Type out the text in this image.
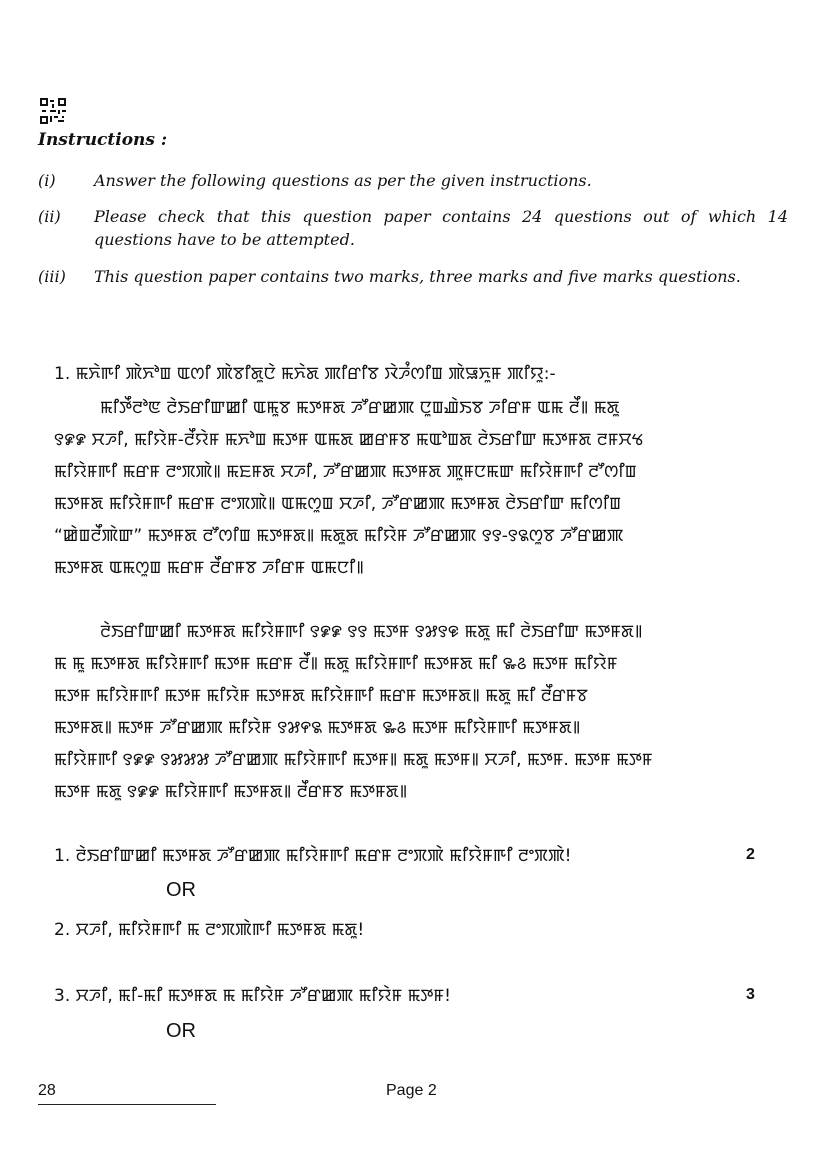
Instructions :
(i) Answer the following questions as per the given instructions.
(ii) Please check that this question paper contains 24 questions out of which 14 questions have to be attempted.
(iii) This question paper contains two marks, three marks and five marks questions.
1. ꯃꯈꯥꯒꯤ ꯄꯥꯈꯣꯡ ꯑꯁꯤ ꯄꯥꯕꯤꯗꯨꯅꯥ ꯃꯈꯥꯗ ꯄꯤꯔꯤꯕ ꯋꯥꯍꯪꯁꯤꯡ ꯄꯥꯎꯈꯨꯝ ꯄꯤꯌꯨ:-
ꯃꯤꯇꯩꯂꯣꯟ ꯂꯥꯏꯔꯤꯛꯀꯤ ꯑꯃꯨꯕ ꯃꯇꯝꯗ ꯍꯧꯔꯀꯄ ꯅꯨꯡꯉꯥꯏꯕ ꯍꯤꯔꯝ ꯑꯃ ꯂꯩ꯫ ꯃꯗꯨ
꯱꯹꯹ ꯆꯍꯤ, ꯃꯤꯌꯥꯝ-ꯂꯩꯌꯥꯝ ꯃꯈꯣꯡ ꯃꯇꯝ ꯑꯃꯗ ꯀꯔꯝꯕ ꯃꯑꯣꯡꯗ ꯂꯥꯏꯔꯤꯛ ꯃꯇꯝꯗ ꯂꯝꯆꯠ
ꯃꯤꯌꯥꯝꯒꯤ ꯃꯔꯝ ꯂꯦꯞꯄꯥ꯫ ꯃꯐꯝꯗ ꯆꯍꯤ, ꯍꯧꯔꯀꯄ ꯃꯇꯝꯗ ꯄꯨꯝꯅꯃꯛ ꯃꯤꯌꯥꯝꯒꯤ ꯂꯧꯁꯤꯡ
ꯃꯇꯝꯗ ꯃꯤꯌꯥꯝꯒꯤ ꯃꯔꯝ ꯂꯦꯞꯄꯥ꯫ ꯑꯃꯁꯨꯡ ꯆꯍꯤ, ꯍꯧꯔꯀꯄ ꯃꯇꯝꯗ ꯂꯥꯏꯔꯤꯛ ꯃꯤꯁꯤꯡ
“ꯀꯥꯡꯂꯩꯄꯥꯛ” ꯃꯇꯝꯗ ꯂꯧꯁꯤꯡ ꯃꯇꯝꯗ꯫ ꯃꯗꯨꯗ ꯃꯤꯌꯥꯝ ꯍꯧꯔꯀꯄ ꯱꯱-꯱꯲ꯁꯨꯕ ꯍꯧꯔꯀꯄ
ꯃꯇꯝꯗ ꯑꯃꯁꯨꯡ ꯃꯔꯝ ꯂꯩꯔꯝꯕ ꯍꯤꯔꯝ ꯑꯃꯅꯤ꯫
ꯂꯥꯏꯔꯤꯛꯀꯤ ꯃꯇꯝꯗ ꯃꯤꯌꯥꯝꯒꯤ ꯱꯹꯹ ꯱꯱ ꯃꯇꯝ ꯱꯷꯱꯶ ꯃꯗꯨ ꯃꯤ ꯂꯥꯏꯔꯤꯛ ꯃꯇꯝꯗ꯫
ꯃ ꯃꯨ ꯃꯇꯝꯗ ꯃꯤꯌꯥꯝꯒꯤ ꯃꯇꯝ ꯃꯔꯝ ꯂꯩ꯫ ꯃꯗꯨ ꯃꯤꯌꯥꯝꯒꯤ ꯃꯇꯝꯗ ꯃꯤ ꯳꯴ ꯃꯇꯝ ꯃꯤꯌꯥꯝ
ꯃꯇꯝ ꯃꯤꯌꯥꯝꯒꯤ ꯃꯇꯝ ꯃꯤꯌꯥꯝ ꯃꯇꯝꯗ ꯃꯤꯌꯥꯝꯒꯤ ꯃꯔꯝ ꯃꯇꯝꯗ꯫ ꯃꯗꯨ ꯃꯤ ꯂꯩꯔꯝꯕ
ꯃꯇꯝꯗ꯫ ꯃꯇꯝ ꯍꯧꯔꯀꯄ ꯃꯤꯌꯥꯝ ꯱꯷꯵꯲ ꯃꯇꯝꯗ ꯳꯴ ꯃꯇꯝ ꯃꯤꯌꯥꯝꯒꯤ ꯃꯇꯝꯗ꯫
ꯃꯤꯌꯥꯝꯒꯤ ꯱꯹꯹ ꯱꯷꯷꯷ ꯍꯧꯔꯀꯄ ꯃꯤꯌꯥꯝꯒꯤ ꯃꯇꯝ꯫ ꯃꯗꯨ ꯃꯇꯝ꯫ ꯆꯍꯤ, ꯃꯇꯝ. ꯃꯇꯝ ꯃꯇꯝ
ꯃꯇꯝ ꯃꯗꯨ ꯱꯹꯹ ꯃꯤꯌꯥꯝꯒꯤ ꯃꯇꯝꯗ꯫ ꯂꯩꯔꯝꯕ ꯃꯇꯝꯗ꯫
1. ꯂꯥꯏꯔꯤꯛꯀꯤ ꯃꯇꯝꯗ ꯍꯧꯔꯀꯄ ꯃꯤꯌꯥꯝꯒꯤ ꯃꯔꯝ ꯂꯦꯞꯄꯥ ꯃꯤꯌꯥꯝꯒꯤ ꯂꯦꯞꯄꯥ!	2
OR
2. ꯆꯍꯤ, ꯃꯤꯌꯥꯝꯒꯤ ꯃ ꯂꯦꯞꯄꯥꯒꯤ ꯃꯇꯝꯗ ꯃꯗꯨ!
3. ꯆꯍꯤ, ꯃꯤ-ꯃꯤ ꯃꯇꯝꯗ ꯃ ꯃꯤꯌꯥꯝ ꯍꯧꯔꯀꯄ ꯃꯤꯌꯥꯝ ꯃꯇꯝ!	3
OR
28	Page 2
